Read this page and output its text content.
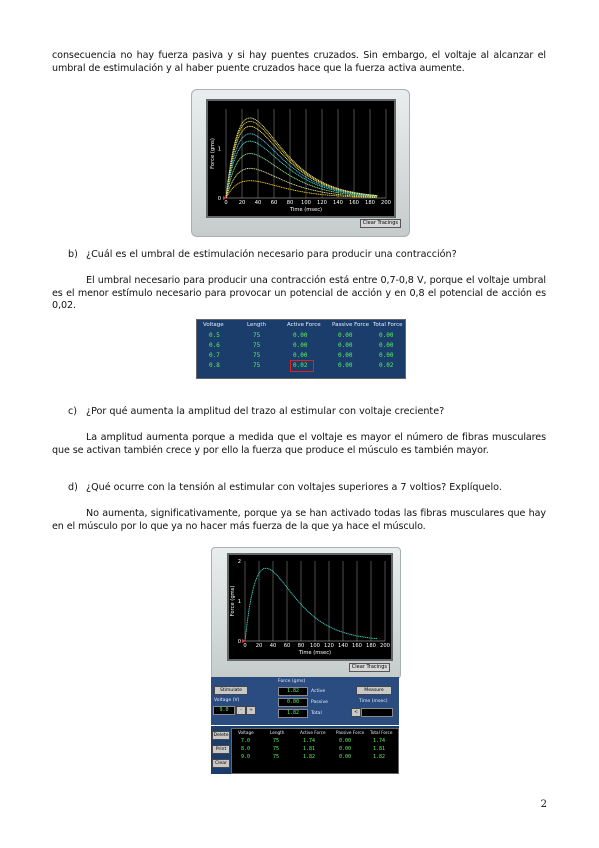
consecuencia no hay fuerza pasiva y si hay puentes cruzados. Sin embargo, el voltaje al alcanzar el umbral de estimulación y al haber puente cruzados hace que la fuerza activa aumente.
0 20 40 60 80 100 120 140 160 180 200
Time (msec)
Force (gms) 1
0
Clear Tracings
b) ¿Cuál es el umbral de estimulación necesario para producir una contracción?
El umbral necesario para producir una contracción está entre 0,7-0,8 V, porque el voltaje umbral es el menor estímulo necesario para provocar un potencial de acción y en 0,8 el potencial de acción es 0,02.
Voltage	Length	Active Force Passive Force Total Force
0.5	75	0.00	0.00	0.00
0.6	75	0.00	0.00	0.00
0.7	75	0.00	0.00	0.00
0.8	75	0.02	0.00	0.02
c) ¿Por qué aumenta la amplitud del trazo al estimular con voltaje creciente?
La amplitud aumenta porque a medida que el voltaje es mayor el número de fibras musculares que se activan también crece y por ello la fuerza que produce el músculo es también mayor.
d) ¿Qué ocurre con la tensión al estimular con voltajes superiores a 7 voltios? Explíquelo.
No aumenta, significativamente, porque ya se han activado todas las fibras musculares que hay en el músculo por lo que ya no hacer más fuerza de la que ya hace el músculo.
0 20 40 60 80 100 120 140 160 180 200
Time (msec)
Force (gms)
2
1
0
Clear Tracings
Stimulate
Voltage (V)
9.0	-	+
Force (gms)
1.82	Active
0.00	Passive
1.82	Total
Measure
Time (msec)
<
Delete
Print
Clear
Voltage	Length	Active Force Passive Force Total Force
7.0	75	1.74	0.00	1.74
8.0	75	1.81	0.00	1.81
9.0	75	1.82	0.00	1.82
2
